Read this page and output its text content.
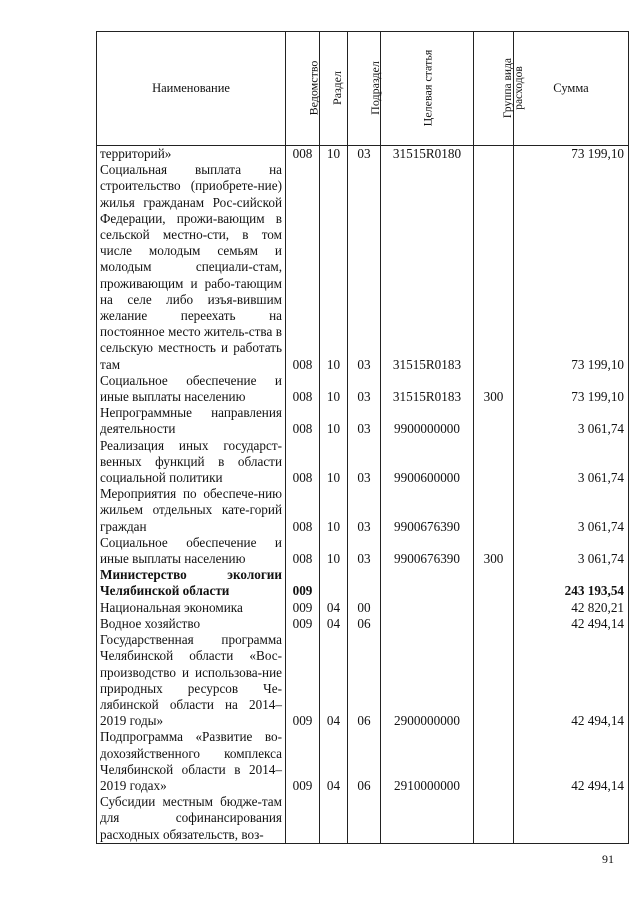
Наименование	Ведомство	Раздел	Подраздел	Целевая статья	Группа вида расходов	Сумма
территорий»	008	10	03	31515R0180		73 199,10
Социальная выплата на строительство (приобрете-ние) жилья гражданам Рос-сийской Федерации, прожи-вающим в сельской местно-сти, в том числе молодым семьям и молодым специали-стам, проживающим и рабо-тающим на селе либо изъя-вившим желание переехать на постоянное место житель-ства в сельскую местность и работать там	008	10	03	31515R0183		73 199,10
Социальное обеспечение и иные выплаты населению	008	10	03	31515R0183	300	73 199,10
Непрограммные направления деятельности	008	10	03	9900000000		3 061,74
Реализация иных государст-венных функций в области социальной политики	008	10	03	9900600000		3 061,74
Мероприятия по обеспече-нию жильем отдельных кате-горий граждан	008	10	03	9900676390		3 061,74
Социальное обеспечение и иные выплаты населению	008	10	03	9900676390	300	3 061,74
Министерство экологии Челябинской области	009					243 193,54
Национальная экономика	009	04	00			42 820,21
Водное хозяйство	009	04	06			42 494,14
Государственная программа Челябинской области «Вос-производство и использова-ние природных ресурсов Че-лябинской области на 2014–2019 годы»	009	04	06	2900000000		42 494,14
Подпрограмма «Развитие во-дохозяйственного комплекса Челябинской области в 2014–2019 годах»	009	04	06	2910000000		42 494,14
Субсидии местным бюдже-там для софинансирования расходных обязательств, воз-						
91
